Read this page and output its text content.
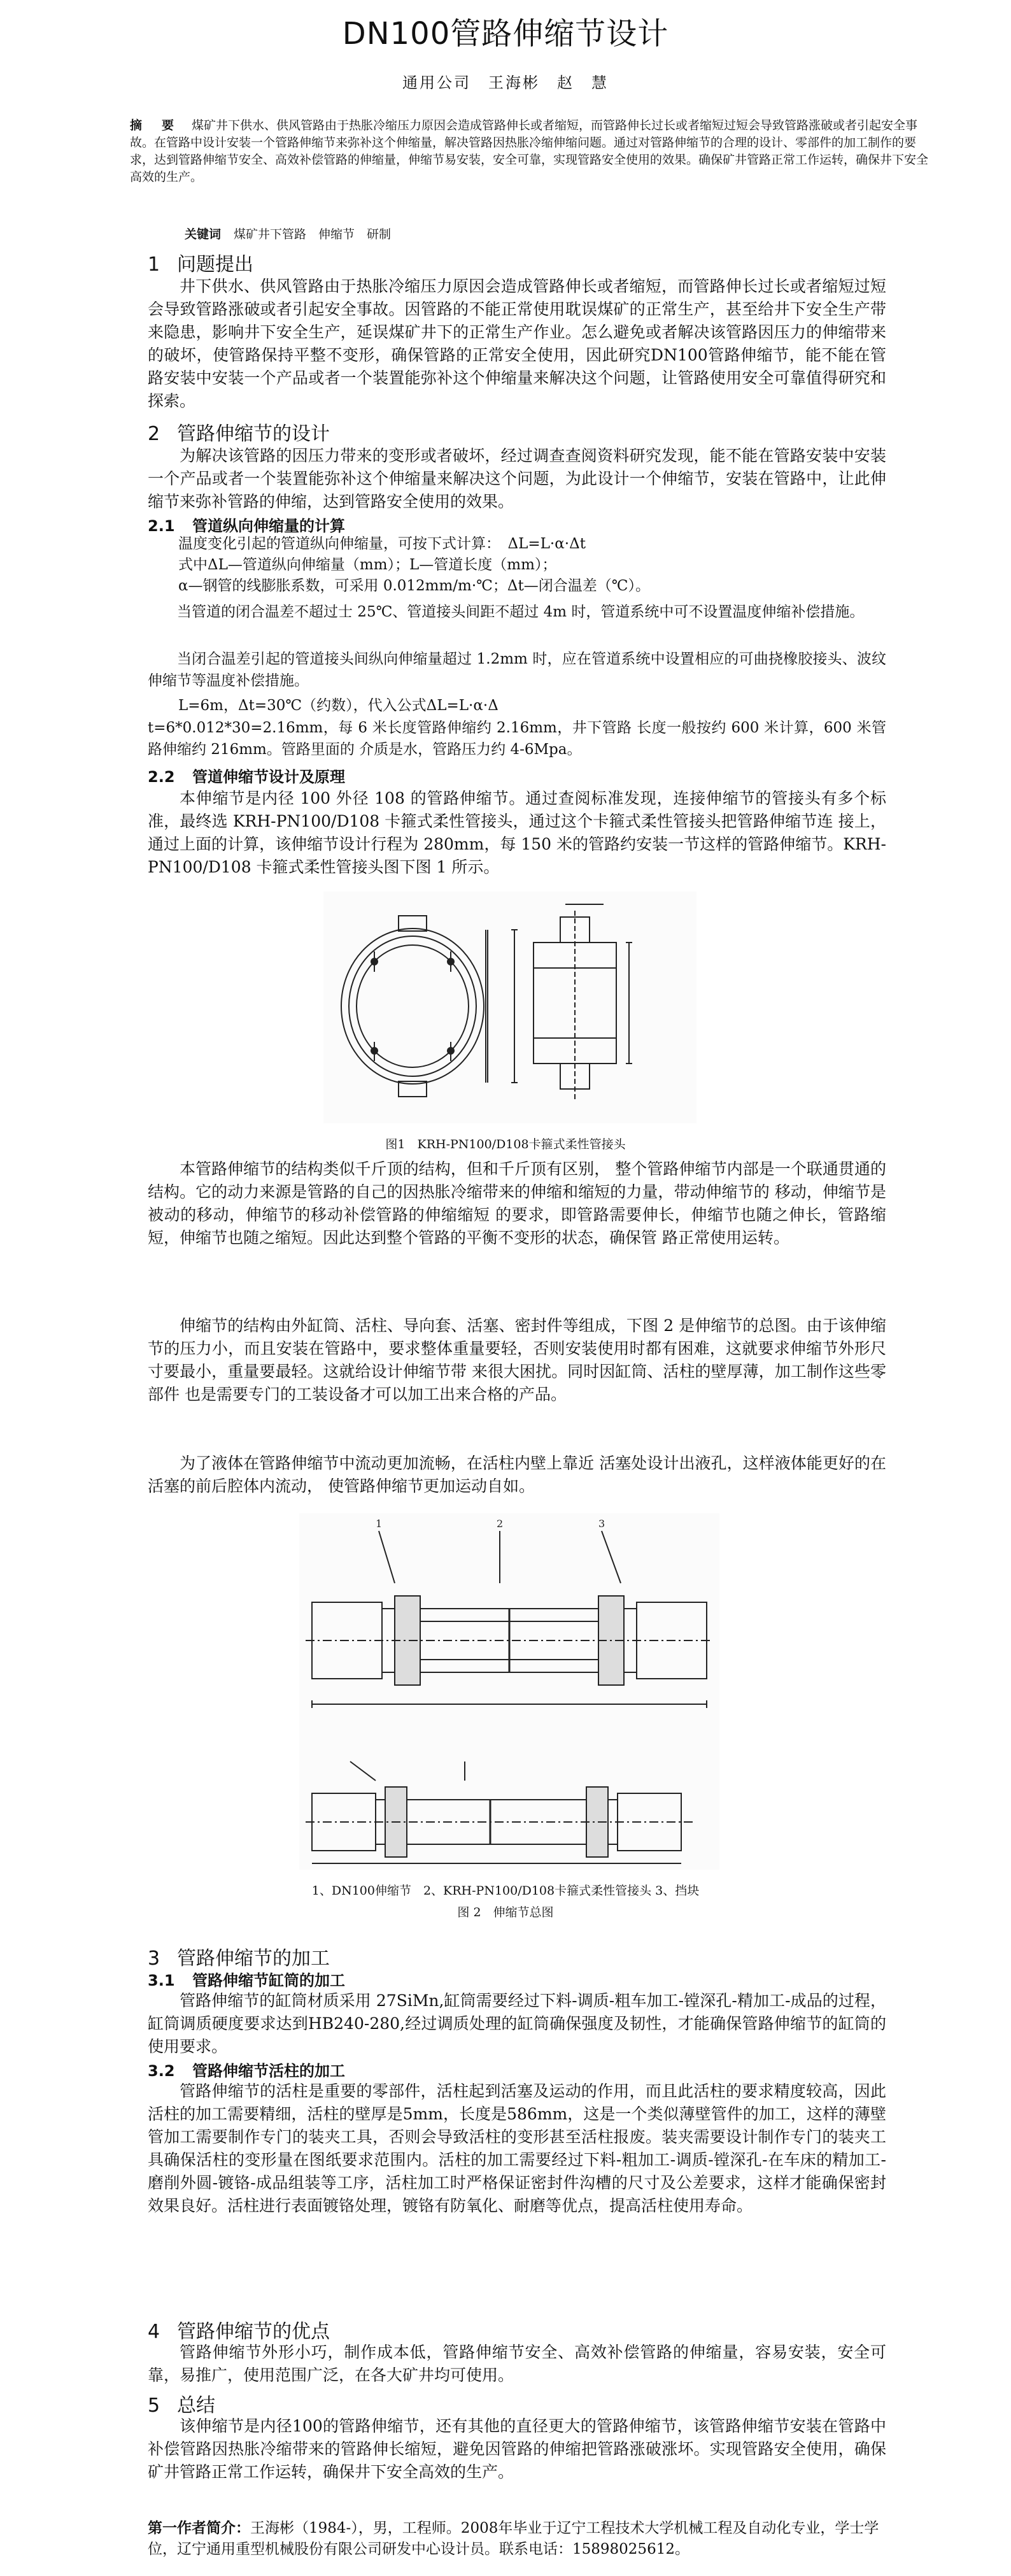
DN100管路伸缩节设计
通用公司　王海彬　赵　慧
摘　要 煤矿井下供水、供风管路由于热胀冷缩压力原因会造成管路伸长或者缩短，而管路伸长过长或者缩短过短会导致管路涨破或者引起安全事故。在管路中设计安装一个管路伸缩节来弥补这个伸缩量，解决管路因热胀冷缩伸缩问题。通过对管路伸缩节的合理的设计、零部件的加工制作的要求，达到管路伸缩节安全、高效补偿管路的伸缩量，伸缩节易安装，安全可靠，实现管路安全使用的效果。确保矿井管路正常工作运转，确保井下安全高效的生产。
关键词 煤矿井下管路　伸缩节　研制
1 问题提出
井下供水、供风管路由于热胀冷缩压力原因会造成管路伸长或者缩短，而管路伸长过长或者缩短过短会导致管路涨破或者引起安全事故。因管路的不能正常使用耽误煤矿的正常生产，甚至给井下安全生产带来隐患，影响井下安全生产，延误煤矿井下的正常生产作业。怎么避免或者解决该管路因压力的伸缩带来的破坏，使管路保持平整不变形，确保管路的正常安全使用，因此研究DN100管路伸缩节，能不能在管路安装中安装一个产品或者一个装置能弥补这个伸缩量来解决这个问题，让管路使用安全可靠值得研究和探索。
2 管路伸缩节的设计
为解决该管路的因压力带来的变形或者破坏，经过调查查阅资料研究发现，能不能在管路安装中安装一个产品或者一个装置能弥补这个伸缩量来解决这个问题，为此设计一个伸缩节，安装在管路中，让此伸缩节来弥补管路的伸缩，达到管路安全使用的效果。
2.1 管道纵向伸缩量的计算
温度变化引起的管道纵向伸缩量，可按下式计算：　ΔL=L·α·Δt
式中ΔL—管道纵向伸缩量（mm）；L—管道长度（mm）；
α—钢管的线膨胀系数，可采用 0.012mm/m·℃；Δt—闭合温差（℃）。
当管道的闭合温差不超过士 25℃、管道接头间距不超过 4m 时，管道系统中可不设置温度伸缩补偿措施。
当闭合温差引起的管道接头间纵向伸缩量超过 1.2mm 时，应在管道系统中设置相应的可曲挠橡胶接头、波纹伸缩节等温度补偿措施。
L=6m，Δt=30℃（约数），代入公式ΔL=L·α·Δ
t=6*0.012*30=2.16mm，每 6 米长度管路伸缩约 2.16mm，井下管路 长度一般按约 600 米计算，600 米管路伸缩约 216mm。管路里面的 介质是水，管路压力约 4-6Mpa。
2.2 管道伸缩节设计及原理
本伸缩节是内径 100 外径 108 的管路伸缩节。通过查阅标准发现，连接伸缩节的管接头有多个标准，最终选 KRH-PN100/D108 卡箍式柔性管接头，通过这个卡箍式柔性管接头把管路伸缩节连 接上，通过上面的计算，该伸缩节设计行程为 280mm，每 150 米的管路约安装一节这样的管路伸缩节。KRH-PN100/D108 卡箍式柔性管接头图下图 1 所示。
图1　KRH-PN100/D108卡箍式柔性管接头
本管路伸缩节的结构类似千斤顶的结构，但和千斤顶有区别， 整个管路伸缩节内部是一个联通贯通的结构。它的动力来源是管路的自己的因热胀冷缩带来的伸缩和缩短的力量，带动伸缩节的 移动，伸缩节是被动的移动，伸缩节的移动补偿管路的伸缩缩短 的要求，即管路需要伸长，伸缩节也随之伸长，管路缩短，伸缩节也随之缩短。因此达到整个管路的平衡不变形的状态，确保管 路正常使用运转。
伸缩节的结构由外缸筒、活柱、导向套、活塞、密封件等组成，下图 2 是伸缩节的总图。由于该伸缩节的压力小，而且安装在管路中，要求整体重量要轻，否则安装使用时都有困难，这就要求伸缩节外形尺寸要最小，重量要最轻。这就给设计伸缩节带 来很大困扰。同时因缸筒、活柱的壁厚薄，加工制作这些零部件 也是需要专门的工装设备才可以加工出来合格的产品。
为了液体在管路伸缩节中流动更加流畅，在活柱内壁上靠近 活塞处设计出液孔，这样液体能更好的在活塞的前后腔体内流动， 使管路伸缩节更加运动自如。
1	2	3
1、DN100伸缩节　2、KRH-PN100/D108卡箍式柔性管接头 3、挡块
图 2　伸缩节总图
3 管路伸缩节的加工
3.1 管路伸缩节缸筒的加工
管路伸缩节的缸筒材质采用 27SiMn,缸筒需要经过下料-调质-粗车加工-镗深孔-精加工-成品的过程，缸筒调质硬度要求达到HB240-280,经过调质处理的缸筒确保强度及韧性，才能确保管路伸缩节的缸筒的使用要求。
3.2 管路伸缩节活柱的加工
管路伸缩节的活柱是重要的零部件，活柱起到活塞及运动的作用，而且此活柱的要求精度较高，因此活柱的加工需要精细，活柱的壁厚是5mm，长度是586mm，这是一个类似薄壁管件的加工，这样的薄壁管加工需要制作专门的装夹工具，否则会导致活柱的变形甚至活柱报废。装夹需要设计制作专门的装夹工具确保活柱的变形量在图纸要求范围内。活柱的加工需要经过下料-粗加工-调质-镗深孔-在车床的精加工-磨削外圆-镀铬-成品组装等工序，活柱加工时严格保证密封件沟槽的尺寸及公差要求，这样才能确保密封效果良好。活柱进行表面镀铬处理，镀铬有防氧化、耐磨等优点，提高活柱使用寿命。
4 管路伸缩节的优点
管路伸缩节外形小巧，制作成本低，管路伸缩节安全、高效补偿管路的伸缩量，容易安装，安全可靠，易推广，使用范围广泛，在各大矿井均可使用。
5 总结
该伸缩节是内径100的管路伸缩节，还有其他的直径更大的管路伸缩节，该管路伸缩节安装在管路中补偿管路因热胀冷缩带来的管路伸长缩短，避免因管路的伸缩把管路涨破涨坏。实现管路安全使用，确保矿井管路正常工作运转，确保井下安全高效的生产。
第一作者简介：王海彬（1984-），男，工程师。2008年毕业于辽宁工程技术大学机械工程及自动化专业，学士学位，辽宁通用重型机械股份有限公司研发中心设计员。联系电话：15898025612。
